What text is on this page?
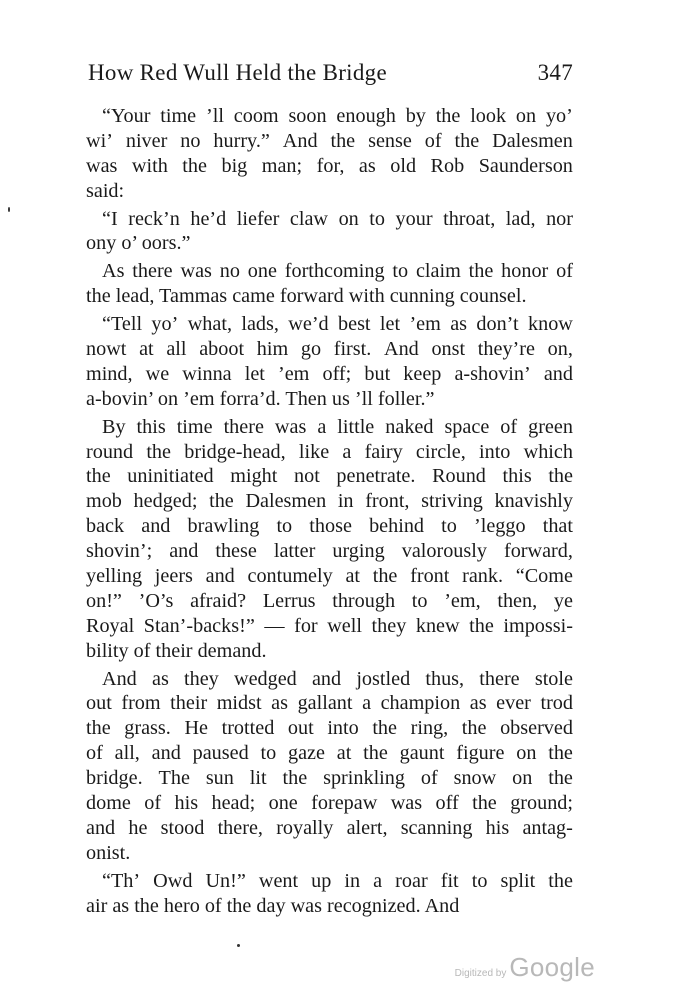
How Red Wull Held the Bridge	347
“Your time ’ll coom soon enough by the look on yo’
wi’ niver no hurry.” And the sense of the Dalesmen
was with the big man; for, as old Rob Saunderson
said:
“I reck’n he’d liefer claw on to your throat, lad, nor
ony o’ oors.”
As there was no one forthcoming to claim the honor of
the lead, Tammas came forward with cunning counsel.
“Tell yo’ what, lads, we’d best let ’em as don’t know
nowt at all aboot him go first. And onst they’re on,
mind, we winna let ’em off; but keep a-shovin’ and
a-bovin’ on ’em forra’d. Then us ’ll foller.”
By this time there was a little naked space of green
round the bridge-head, like a fairy circle, into which
the uninitiated might not penetrate. Round this the
mob hedged; the Dalesmen in front, striving knavishly
back and brawling to those behind to ’leggo that
shovin’; and these latter urging valorously forward,
yelling jeers and contumely at the front rank. “Come
on!” ’O’s afraid? Lerrus through to ’em, then, ye
Royal Stan’-backs!” — for well they knew the impossi-
bility of their demand.
And as they wedged and jostled thus, there stole
out from their midst as gallant a champion as ever trod
the grass. He trotted out into the ring, the observed
of all, and paused to gaze at the gaunt figure on the
bridge. The sun lit the sprinkling of snow on the
dome of his head; one forepaw was off the ground;
and he stood there, royally alert, scanning his antag-
onist.
“Th’ Owd Un!” went up in a roar fit to split the
air as the hero of the day was recognized. And
Digitized by Google
